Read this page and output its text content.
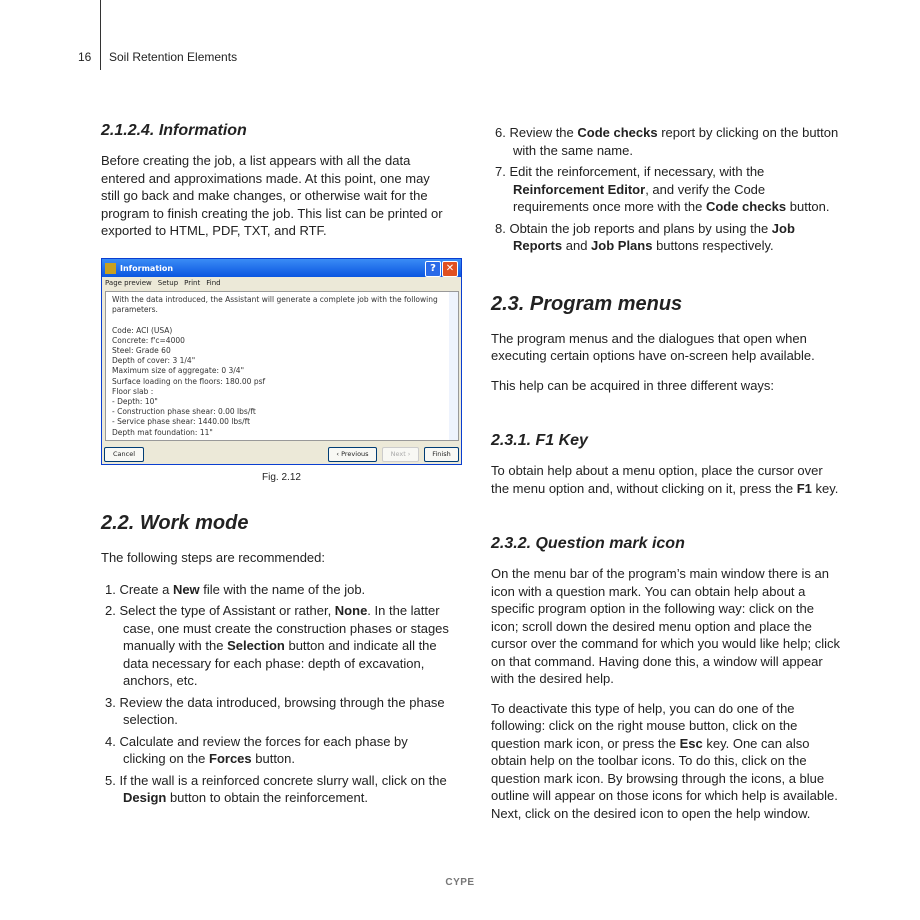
16 Soil Retention Elements
2.1.2.4. Information

Before creating the job, a list appears with all the data entered and approximations made. At this point, one may still go back and make changes, or otherwise wait for the program to finish creating the job. This list can be printed or exported to HTML, PDF, TXT, and RTF.

Information	? ✕
Page preview Setup Print Find
With the data introduced, the Assistant will generate a complete job with the following parameters.

Code: ACI (USA)
Concrete: f'c=4000
Steel: Grade 60
Depth of cover: 3 1/4"
Maximum size of aggregate: 0 3/4"
Surface loading on the floors: 180.00 psf
Floor slab :
- Depth: 10"
- Construction phase shear: 0.00 lbs/ft
- Service phase shear: 1440.00 lbs/ft
Depth mat foundation: 11"
Cancel	‹ Previous	Next ›	Finish
Fig. 2.12
2.2. Work mode

The following steps are recommended:

1. Create a New file with the name of the job.
2. Select the type of Assistant or rather, None. In the latter case, one must create the construction phases or stages manually with the Selection button and indicate all the data necessary for each phase: depth of excavation, anchors, etc.
3. Review the data introduced, browsing through the phase selection.
4. Calculate and review the forces for each phase by clicking on the Forces button.
5. If the wall is a reinforced concrete slurry wall, click on the Design button to obtain the reinforcement.
6. Review the Code checks report by clicking on the button with the same name.
7. Edit the reinforcement, if necessary, with the Reinforcement Editor, and verify the Code requirements once more with the Code checks button.
8. Obtain the job reports and plans by using the Job Reports and Job Plans buttons respectively.
2.3. Program menus

The program menus and the dialogues that open when executing certain options have on-screen help available.

This help can be acquired in three different ways:

2.3.1. F1 Key

To obtain help about a menu option, place the cursor over the menu option and, without clicking on it, press the F1 key.

2.3.2. Question mark icon

On the menu bar of the program’s main window there is an icon with a question mark. You can obtain help about a specific program option in the following way: click on the icon; scroll down the desired menu option and place the cursor over the command for which you would like help; click on that command. Having done this, a window will appear with the desired help.

To deactivate this type of help, you can do one of the following: click on the right mouse button, click on the question mark icon, or press the Esc key. One can also obtain help on the toolbar icons. To do this, click on the question mark icon. By browsing through the icons, a blue outline will appear on those icons for which help is available. Next, click on the desired icon to open the help window.

CYPE
